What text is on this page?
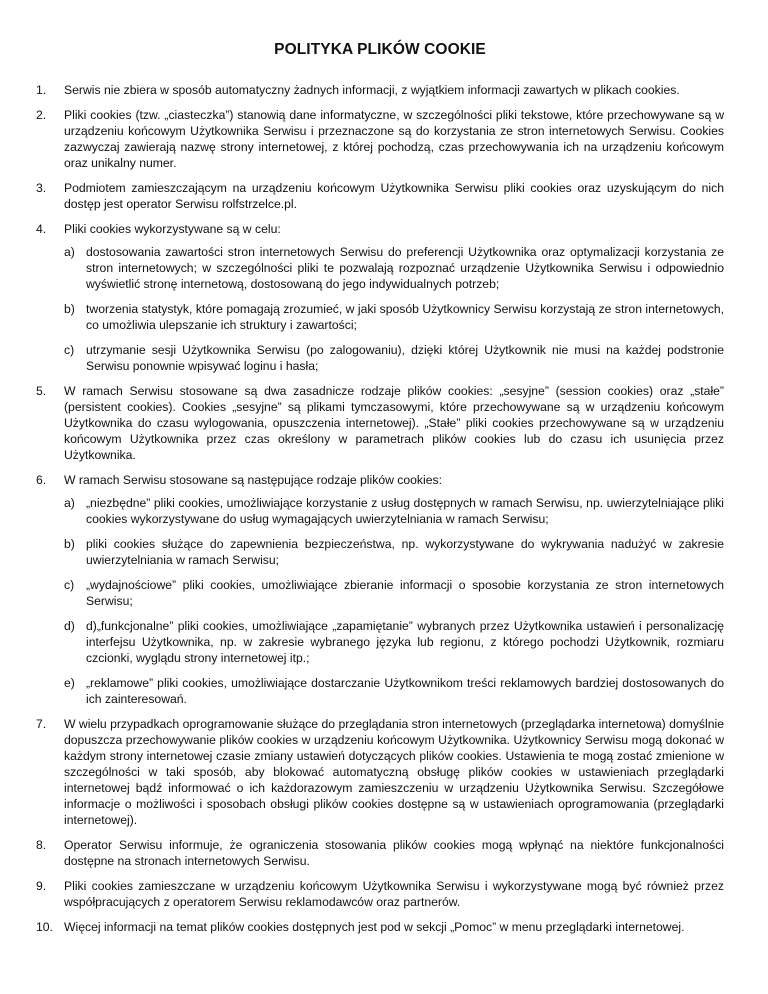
POLITYKA PLIKÓW COOKIE
1. Serwis nie zbiera w sposób automatyczny żadnych informacji, z wyjątkiem informacji zawartych w plikach cookies.
2. Pliki cookies (tzw. „ciasteczka”) stanowią dane informatyczne, w szczególności pliki tekstowe, które przechowywane są w urządzeniu końcowym Użytkownika Serwisu i przeznaczone są do korzystania ze stron internetowych Serwisu. Cookies zazwyczaj zawierają nazwę strony internetowej, z której pochodzą, czas przechowywania ich na urządzeniu końcowym oraz unikalny numer.
3. Podmiotem zamieszczającym na urządzeniu końcowym Użytkownika Serwisu pliki cookies oraz uzyskującym do nich dostęp jest operator Serwisu rolfstrzelce.pl.
4. Pliki cookies wykorzystywane są w celu:
a) dostosowania zawartości stron internetowych Serwisu do preferencji Użytkownika oraz optymalizacji korzystania ze stron internetowych; w szczególności pliki te pozwalają rozpoznać urządzenie Użytkownika Serwisu i odpowiednio wyświetlić stronę internetową, dostosowaną do jego indywidualnych potrzeb;
b) tworzenia statystyk, które pomagają zrozumieć, w jaki sposób Użytkownicy Serwisu korzystają ze stron internetowych, co umożliwia ulepszanie ich struktury i zawartości;
c) utrzymanie sesji Użytkownika Serwisu (po zalogowaniu), dzięki której Użytkownik nie musi na każdej podstronie Serwisu ponownie wpisywać loginu i hasła;
5. W ramach Serwisu stosowane są dwa zasadnicze rodzaje plików cookies: „sesyjne” (session cookies) oraz „stałe” (persistent cookies). Cookies „sesyjne” są plikami tymczasowymi, które przechowywane są w urządzeniu końcowym Użytkownika do czasu wylogowania, opuszczenia internetowej). „Stałe” pliki cookies przechowywane są w urządzeniu końcowym Użytkownika przez czas określony w parametrach plików cookies lub do czasu ich usunięcia przez Użytkownika.
6. W ramach Serwisu stosowane są następujące rodzaje plików cookies:
a) „niezbędne” pliki cookies, umożliwiające korzystanie z usług dostępnych w ramach Serwisu, np. uwierzytelniające pliki cookies wykorzystywane do usług wymagających uwierzytelniania w ramach Serwisu;
b) pliki cookies służące do zapewnienia bezpieczeństwa, np. wykorzystywane do wykrywania nadużyć w zakresie uwierzytelniania w ramach Serwisu;
c) „wydajnościowe” pliki cookies, umożliwiające zbieranie informacji o sposobie korzystania ze stron internetowych Serwisu;
d) d)„funkcjonalne” pliki cookies, umożliwiające „zapamiętanie” wybranych przez Użytkownika ustawień i personalizację interfejsu Użytkownika, np. w zakresie wybranego języka lub regionu, z którego pochodzi Użytkownik, rozmiaru czcionki, wyglądu strony internetowej itp.;
e) „reklamowe” pliki cookies, umożliwiające dostarczanie Użytkownikom treści reklamowych bardziej dostosowanych do ich zainteresowań.
7. W wielu przypadkach oprogramowanie służące do przeglądania stron internetowych (przeglądarka internetowa) domyślnie dopuszcza przechowywanie plików cookies w urządzeniu końcowym Użytkownika. Użytkownicy Serwisu mogą dokonać w każdym strony internetowej czasie zmiany ustawień dotyczących plików cookies. Ustawienia te mogą zostać zmienione w szczególności w taki sposób, aby blokować automatyczną obsługę plików cookies w ustawieniach przeglądarki internetowej bądź informować o ich każdorazowym zamieszczeniu w urządzeniu Użytkownika Serwisu. Szczegółowe informacje o możliwości i sposobach obsługi plików cookies dostępne są w ustawieniach oprogramowania (przeglądarki internetowej).
8. Operator Serwisu informuje, że ograniczenia stosowania plików cookies mogą wpłynąć na niektóre funkcjonalności dostępne na stronach internetowych Serwisu.
9. Pliki cookies zamieszczane w urządzeniu końcowym Użytkownika Serwisu i wykorzystywane mogą być również przez współpracujących z operatorem Serwisu reklamodawców oraz partnerów.
10. Więcej informacji na temat plików cookies dostępnych jest pod w sekcji „Pomoc” w menu przeglądarki internetowej.
